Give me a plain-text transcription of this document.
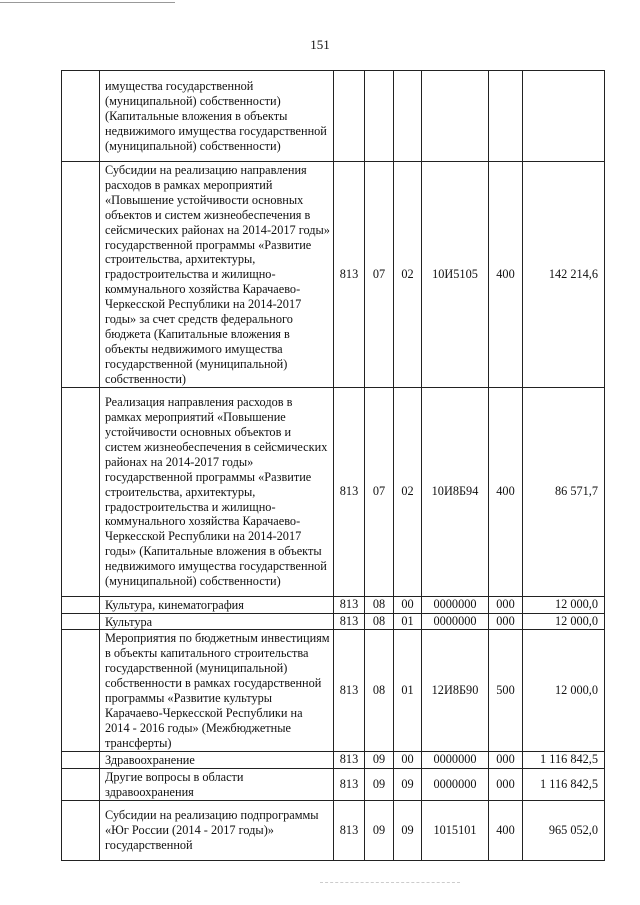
151
	имущества государственной (муниципальной) собственности) (Капитальные вложения в объекты недвижимого имущества государственной (муниципальной) собственности)						
	Субсидии на реализацию направления расходов в рамках мероприятий «Повышение устойчивости основных объектов и систем жизнеобеспечения в сейсмических районах на 2014-2017 годы» государственной программы «Развитие строительства, архитектуры, градостроительства и жилищно-коммунального хозяйства Карачаево-Черкесской Республики на 2014-2017 годы» за счет средств федерального бюджета (Капитальные вложения в объекты недвижимого имущества государственной (муниципальной) собственности)	813	07	02	10И5105	400	142 214,6
	Реализация направления расходов в рамках мероприятий «Повышение устойчивости основных объектов и систем жизнеобеспечения в сейсмических районах на 2014-2017 годы» государственной программы «Развитие строительства, архитектуры, градостроительства и жилищно-коммунального хозяйства Карачаево-Черкесской Республики на 2014-2017 годы» (Капитальные вложения в объекты недвижимого имущества государственной (муниципальной) собственности)	813	07	02	10И8Б94	400	86 571,7
	Культура, кинематография	813	08	00	0000000	000	12 000,0
	Культура	813	08	01	0000000	000	12 000,0
	Мероприятия по бюджетным инвестициям в объекты капитального строительства государственной (муниципальной) собственности в рамках государственной программы «Развитие культуры Карачаево-Черкесской Республики на 2014 - 2016 годы» (Межбюджетные трансферты)	813	08	01	12И8Б90	500	12 000,0
	Здравоохранение	813	09	00	0000000	000	1 116 842,5
	Другие вопросы в области здравоохранения	813	09	09	0000000	000	1 116 842,5
	Субсидии на реализацию подпрограммы «Юг России (2014 - 2017 годы)» государственной	813	09	09	1015101	400	965 052,0
